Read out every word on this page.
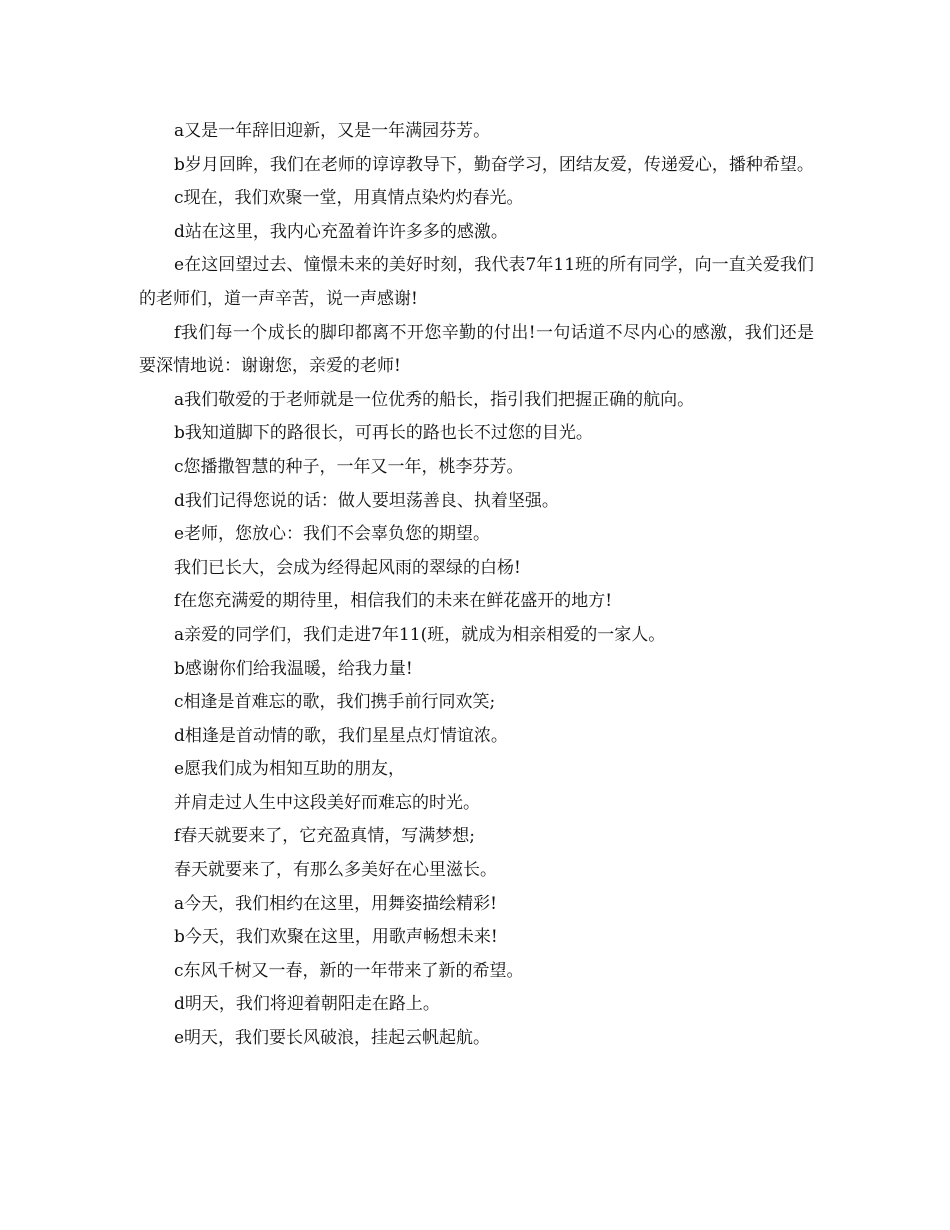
a又是一年辞旧迎新，又是一年满园芬芳。

b岁月回眸，我们在老师的谆谆教导下，勤奋学习，团结友爱，传递爱心，播种希望。

c现在，我们欢聚一堂，用真情点染灼灼春光。

d站在这里，我内心充盈着许许多多的感激。

e在这回望过去、憧憬未来的美好时刻，我代表7年11班的所有同学，向一直关爱我们的老师们，道一声辛苦，说一声感谢!

f我们每一个成长的脚印都离不开您辛勤的付出!一句话道不尽内心的感激，我们还是要深情地说：谢谢您，亲爱的老师!

a我们敬爱的于老师就是一位优秀的船长，指引我们把握正确的航向。

b我知道脚下的路很长，可再长的路也长不过您的目光。

c您播撒智慧的种子，一年又一年，桃李芬芳。

d我们记得您说的话：做人要坦荡善良、执着坚强。

e老师，您放心：我们不会辜负您的期望。

我们已长大，会成为经得起风雨的翠绿的白杨!

f在您充满爱的期待里，相信我们的未来在鲜花盛开的地方!

a亲爱的同学们，我们走进7年11(班，就成为相亲相爱的一家人。

b感谢你们给我温暖，给我力量!

c相逢是首难忘的歌，我们携手前行同欢笑;

d相逢是首动情的歌，我们星星点灯情谊浓。

e愿我们成为相知互助的朋友，

并肩走过人生中这段美好而难忘的时光。

f春天就要来了，它充盈真情，写满梦想;

春天就要来了，有那么多美好在心里滋长。

a今天，我们相约在这里，用舞姿描绘精彩!

b今天，我们欢聚在这里，用歌声畅想未来!

c东风千树又一春，新的一年带来了新的希望。

d明天，我们将迎着朝阳走在路上。

e明天，我们要长风破浪，挂起云帆起航。
